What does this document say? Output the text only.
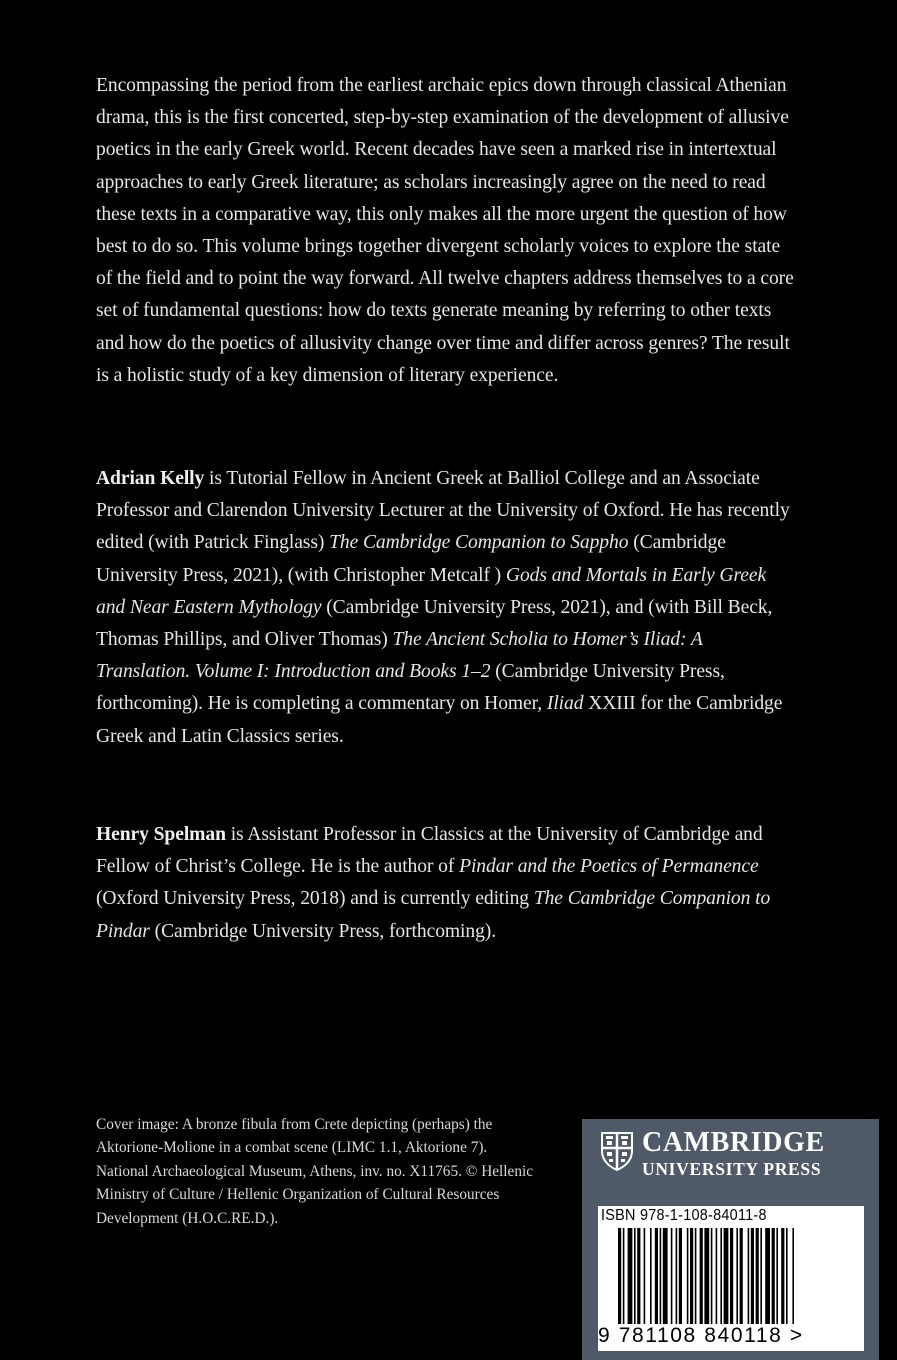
Encompassing the period from the earliest archaic epics down through classical Athenian drama, this is the first concerted, step-by-step examination of the development of allusive poetics in the early Greek world. Recent decades have seen a marked rise in intertextual approaches to early Greek literature; as scholars increasingly agree on the need to read these texts in a comparative way, this only makes all the more urgent the question of how best to do so. This volume brings together divergent scholarly voices to explore the state of the field and to point the way forward. All twelve chapters address themselves to a core set of fundamental questions: how do texts generate meaning by referring to other texts and how do the poetics of allusivity change over time and differ across genres? The result is a holistic study of a key dimension of literary experience.

Adrian Kelly is Tutorial Fellow in Ancient Greek at Balliol College and an Associate Professor and Clarendon University Lecturer at the University of Oxford. He has recently edited (with Patrick Finglass) The Cambridge Companion to Sappho (Cambridge University Press, 2021), (with Christopher Metcalf ) Gods and Mortals in Early Greek and Near Eastern Mythology (Cambridge University Press, 2021), and (with Bill Beck, Thomas Phillips, and Oliver Thomas) The Ancient Scholia to Homer’s Iliad: A Translation. Volume I: Introduction and Books 1–2 (Cambridge University Press, forthcoming). He is completing a commentary on Homer, Iliad XXIII for the Cambridge Greek and Latin Classics series.

Henry Spelman is Assistant Professor in Classics at the University of Cambridge and Fellow of Christ’s College. He is the author of Pindar and the Poetics of Permanence (Oxford University Press, 2018) and is currently editing The Cambridge Companion to Pindar (Cambridge University Press, forthcoming).

Cover image: A bronze fibula from Crete depicting (perhaps) the Aktorione-Molione in a combat scene (LIMC 1.1, Aktorione 7). National Archaeological Museum, Athens, inv. no. X11765. © Hellenic Ministry of Culture / Hellenic Organization of Cultural Resources Development (H.O.C.RE.D.).

CAMBRIDGE
UNIVERSITY PRESS
ISBN 978-1-108-84011-8
9 781108 840118 >
